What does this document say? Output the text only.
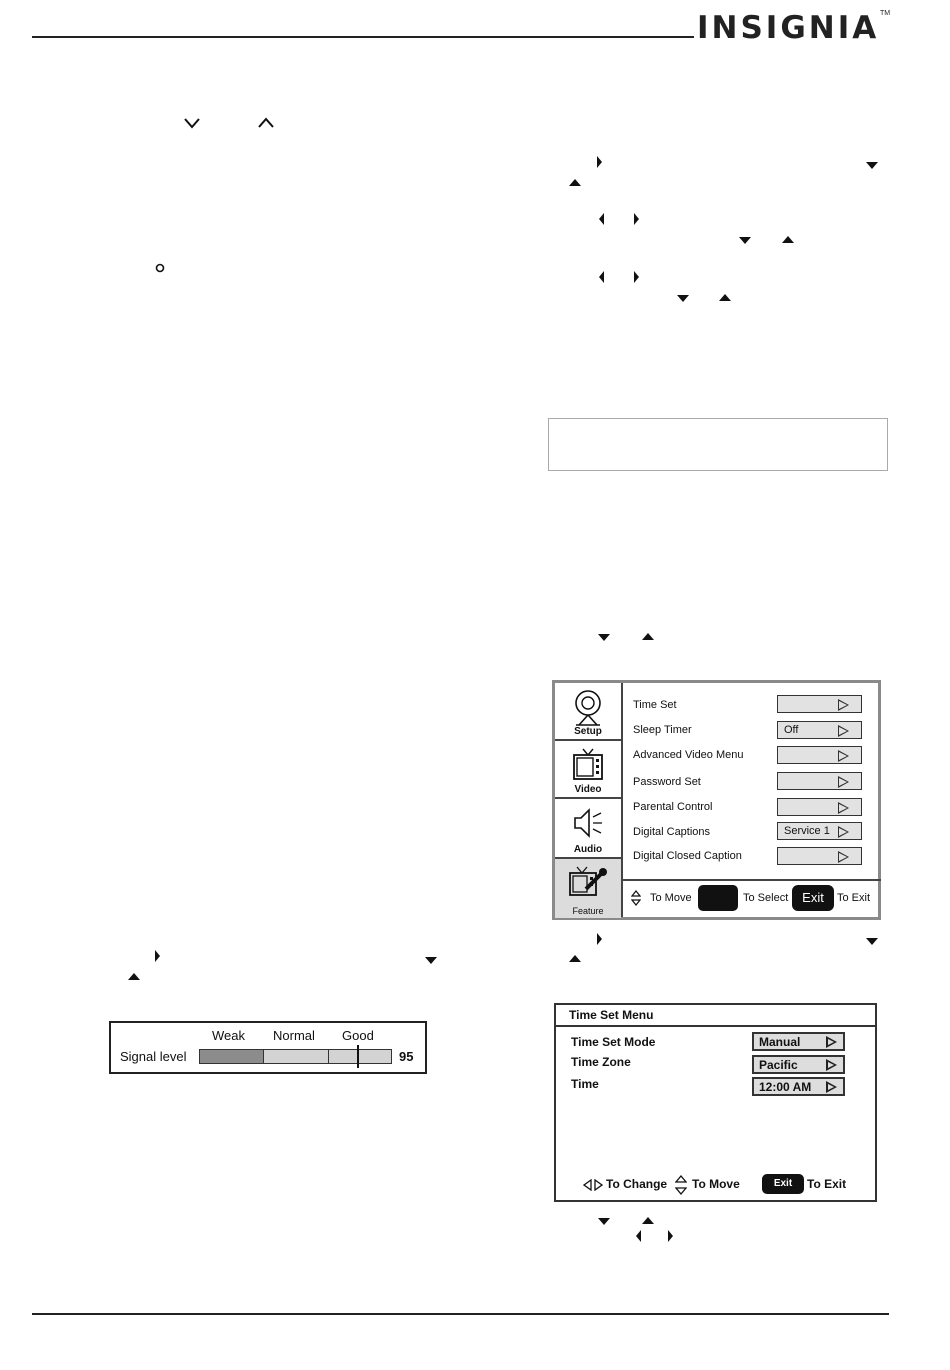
INSIGNIA TM
Weak Normal Good
Signal level	95
Setup
Video
Audio
Feature
Time Set
Sleep Timer	Off
Advanced Video Menu
Password Set
Parental Control
Digital Captions	Service 1
Digital Closed Caption
To Move	To Select	Exit	To Exit
Time Set Menu
Time Set Mode	Manual
Time Zone	Pacific
Time	12:00 AM
To Change To Move	Exit	To Exit
